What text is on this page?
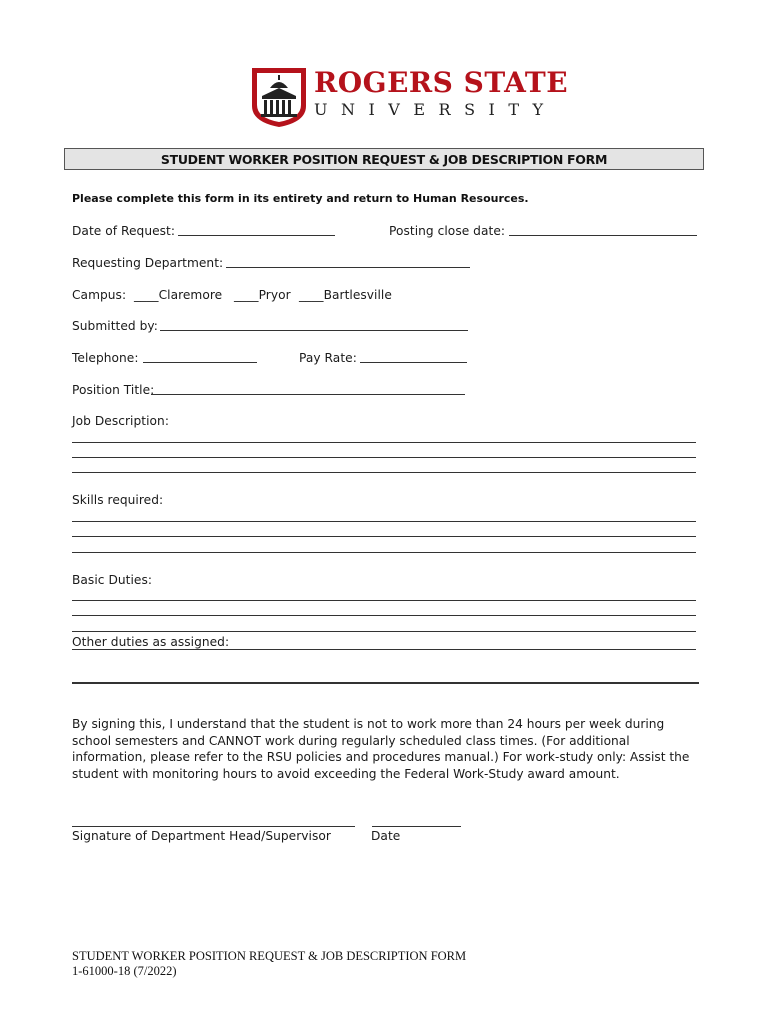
ROGERS STATE
UNIVERSITY
STUDENT WORKER POSITION REQUEST & JOB DESCRIPTION FORM
Please complete this form in its entirety and return to Human Resources.
Date of Request:	Posting close date:
Requesting Department:
Campus: ____Claremore ____Pryor ____Bartlesville
Submitted by:
Telephone:	Pay Rate:
Position Title:
Job Description:
Skills required:
Basic Duties:
Other duties as assigned:
By signing this, I understand that the student is not to work more than 24 hours per week during school semesters and CANNOT work during regularly scheduled class times. (For additional information, please refer to the RSU policies and procedures manual.) For work-study only: Assist the student with monitoring hours to avoid exceeding the Federal Work-Study award amount.
Signature of Department Head/Supervisor	Date
STUDENT WORKER POSITION REQUEST & JOB DESCRIPTION FORM
1-61000-18 (7/2022)
